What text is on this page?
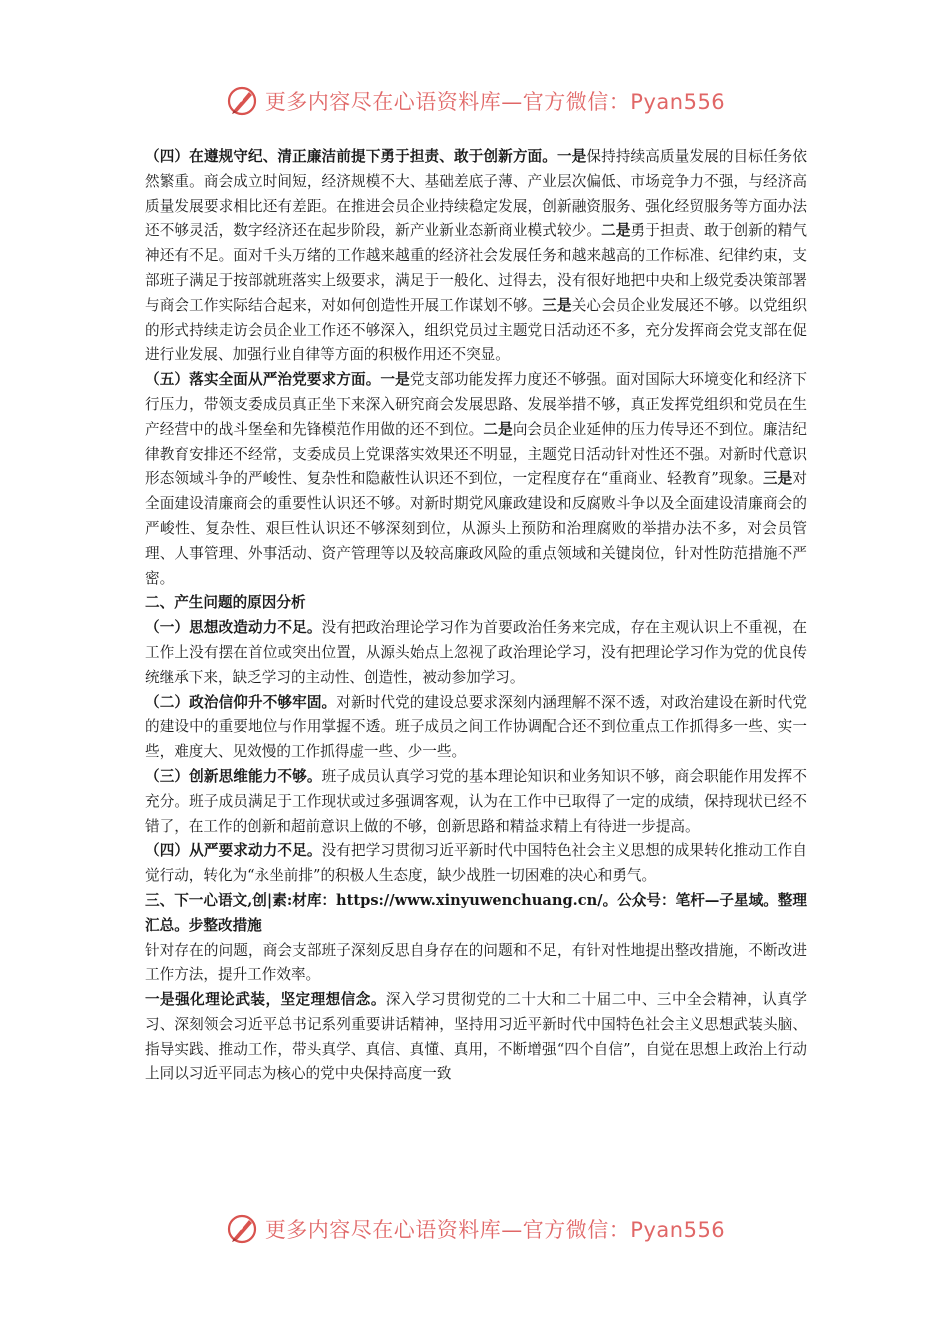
更多内容尽在心语资料库—官方微信：Pyan556

（四）在遵规守纪、清正廉洁前提下勇于担责、敢于创新方面。一是保持持续高质量发展的目标任务依然繁重。商会成立时间短，经济规模不大、基础差底子薄、产业层次偏低、市场竞争力不强，与经济高质量发展要求相比还有差距。在推进会员企业持续稳定发展，创新融资服务、强化经贸服务等方面办法还不够灵活，数字经济还在起步阶段，新产业新业态新商业模式较少。二是勇于担责、敢于创新的精气神还有不足。面对千头万绪的工作越来越重的经济社会发展任务和越来越高的工作标准、纪律约束，支部班子满足于按部就班落实上级要求，满足于一般化、过得去，没有很好地把中央和上级党委决策部署与商会工作实际结合起来，对如何创造性开展工作谋划不够。三是关心会员企业发展还不够。以党组织的形式持续走访会员企业工作还不够深入，组织党员过主题党日活动还不多，充分发挥商会党支部在促进行业发展、加强行业自律等方面的积极作用还不突显。

（五）落实全面从严治党要求方面。一是党支部功能发挥力度还不够强。面对国际大环境变化和经济下行压力，带领支委成员真正坐下来深入研究商会发展思路、发展举措不够，真正发挥党组织和党员在生产经营中的战斗堡垒和先锋模范作用做的还不到位。二是向会员企业延伸的压力传导还不到位。廉洁纪律教育安排还不经常，支委成员上党课落实效果还不明显，主题党日活动针对性还不强。对新时代意识形态领域斗争的严峻性、复杂性和隐蔽性认识还不到位，一定程度存在“重商业、轻教育”现象。三是对全面建设清廉商会的重要性认识还不够。对新时期党风廉政建设和反腐败斗争以及全面建设清廉商会的严峻性、复杂性、艰巨性认识还不够深刻到位，从源头上预防和治理腐败的举措办法不多，对会员管理、人事管理、外事活动、资产管理等以及较高廉政风险的重点领域和关键岗位，针对性防范措施不严密。

二、产生问题的原因分析

（一）思想改造动力不足。没有把政治理论学习作为首要政治任务来完成，存在主观认识上不重视，在工作上没有摆在首位或突出位置，从源头始点上忽视了政治理论学习，没有把理论学习作为党的优良传统继承下来，缺乏学习的主动性、创造性，被动参加学习。

（二）政治信仰升不够牢固。对新时代党的建设总要求深刻内涵理解不深不透，对政治建设在新时代党的建设中的重要地位与作用掌握不透。班子成员之间工作协调配合还不到位重点工作抓得多一些、实一些，难度大、见效慢的工作抓得虚一些、少一些。

（三）创新思维能力不够。班子成员认真学习党的基本理论知识和业务知识不够，商会职能作用发挥不充分。班子成员满足于工作现状或过多强调客观，认为在工作中已取得了一定的成绩，保持现状已经不错了，在工作的创新和超前意识上做的不够，创新思路和精益求精上有待进一步提高。

（四）从严要求动力不足。没有把学习贯彻习近平新时代中国特色社会主义思想的成果转化推动工作自觉行动，转化为“永坐前排”的积极人生态度，缺少战胜一切困难的决心和勇气。

三、下一心语文,创|素:材库：https://www.xinyuwenchuang.cn/。公众号：笔杆—子星域。整理汇总。步整改措施

针对存在的问题，商会支部班子深刻反思自身存在的问题和不足，有针对性地提出整改措施，不断改进工作方法，提升工作效率。

一是强化理论武装，坚定理想信念。深入学习贯彻党的二十大和二十届二中、三中全会精神，认真学习、深刻领会习近平总书记系列重要讲话精神，坚持用习近平新时代中国特色社会主义思想武装头脑、指导实践、推动工作，带头真学、真信、真懂、真用，不断增强“四个自信”，自觉在思想上政治上行动上同以习近平同志为核心的党中央保持高度一致

更多内容尽在心语资料库—官方微信：Pyan556
